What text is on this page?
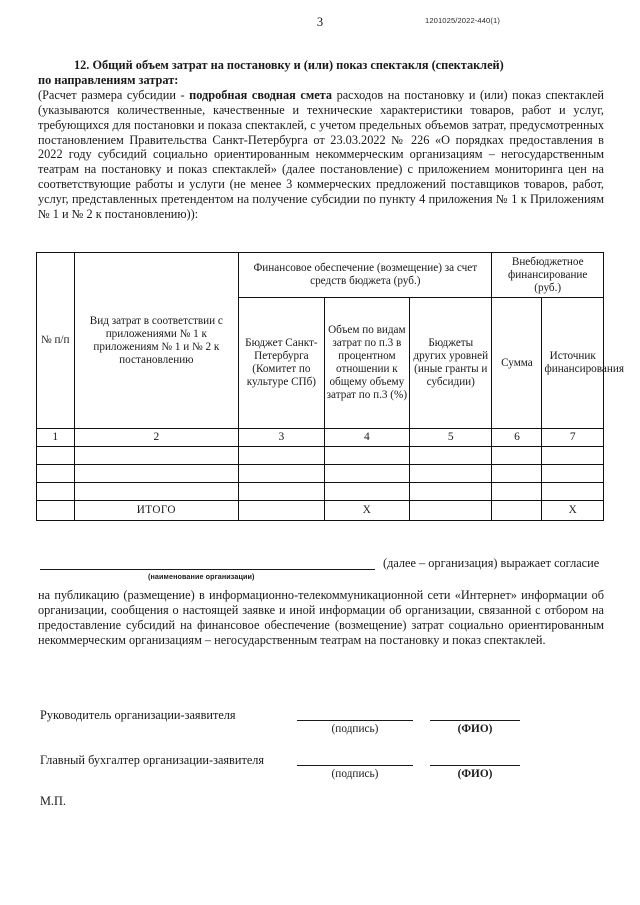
3	1201025/2022-440(1)

12. Общий объем затрат на постановку и (или) показ спектакля (спектаклей)
по направлениям затрат:

(Расчет размера субсидии - подробная сводная смета расходов на постановку и (или) показ спектаклей (указываются количественные, качественные и технические характеристики товаров, работ и услуг, требующихся для постановки и показа спектаклей, с учетом предельных объемов затрат, предусмотренных постановлением Правительства Санкт-Петербурга от 23.03.2022 № 226 «О порядках предоставления в 2022 году субсидий социально ориентированным некоммерческим организациям – негосударственным театрам на постановку и показ спектаклей» (далее постановление) с приложением мониторинга цен на соответствующие работы и услуги (не менее 3 коммерческих предложений поставщиков товаров, работ, услуг, представленных претендентом на получение субсидии по пункту 4 приложения № 1 к Приложениям № 1 и № 2 к постановлению)):

№ п/п	Вид затрат в соответствии с приложениями № 1 к приложениям № 1 и № 2 к постановлению	Финансовое обеспечение (возмещение) за счет средств бюджета (руб.)			Внебюджетное финансирование (руб.)	
		Бюджет Санкт-Петербурга (Комитет по культуре СПб)	Объем по видам затрат по п.3 в процентном отношении к общему объему затрат по п.3 (%)	Бюджеты других уровней (иные гранты и субсидии)	Сумма	Источник финансирования
1	2	3	4	5	6	7

	ИТОГО		X			X
(далее – организация) выражает согласие
(наименование организации)

на публикацию (размещение) в информационно-телекоммуникационной сети «Интернет» информации об организации, сообщения о настоящей заявке и иной информации об организации, связанной с отбором на предоставление субсидий на финансовое обеспечение (возмещение) затрат социально ориентированным некоммерческим организациям – негосударственным театрам на постановку и показ спектаклей.

Руководитель организации-заявителя
(подпись)	(ФИО)
Главный бухгалтер организации-заявителя
(подпись)	(ФИО)
М.П.
